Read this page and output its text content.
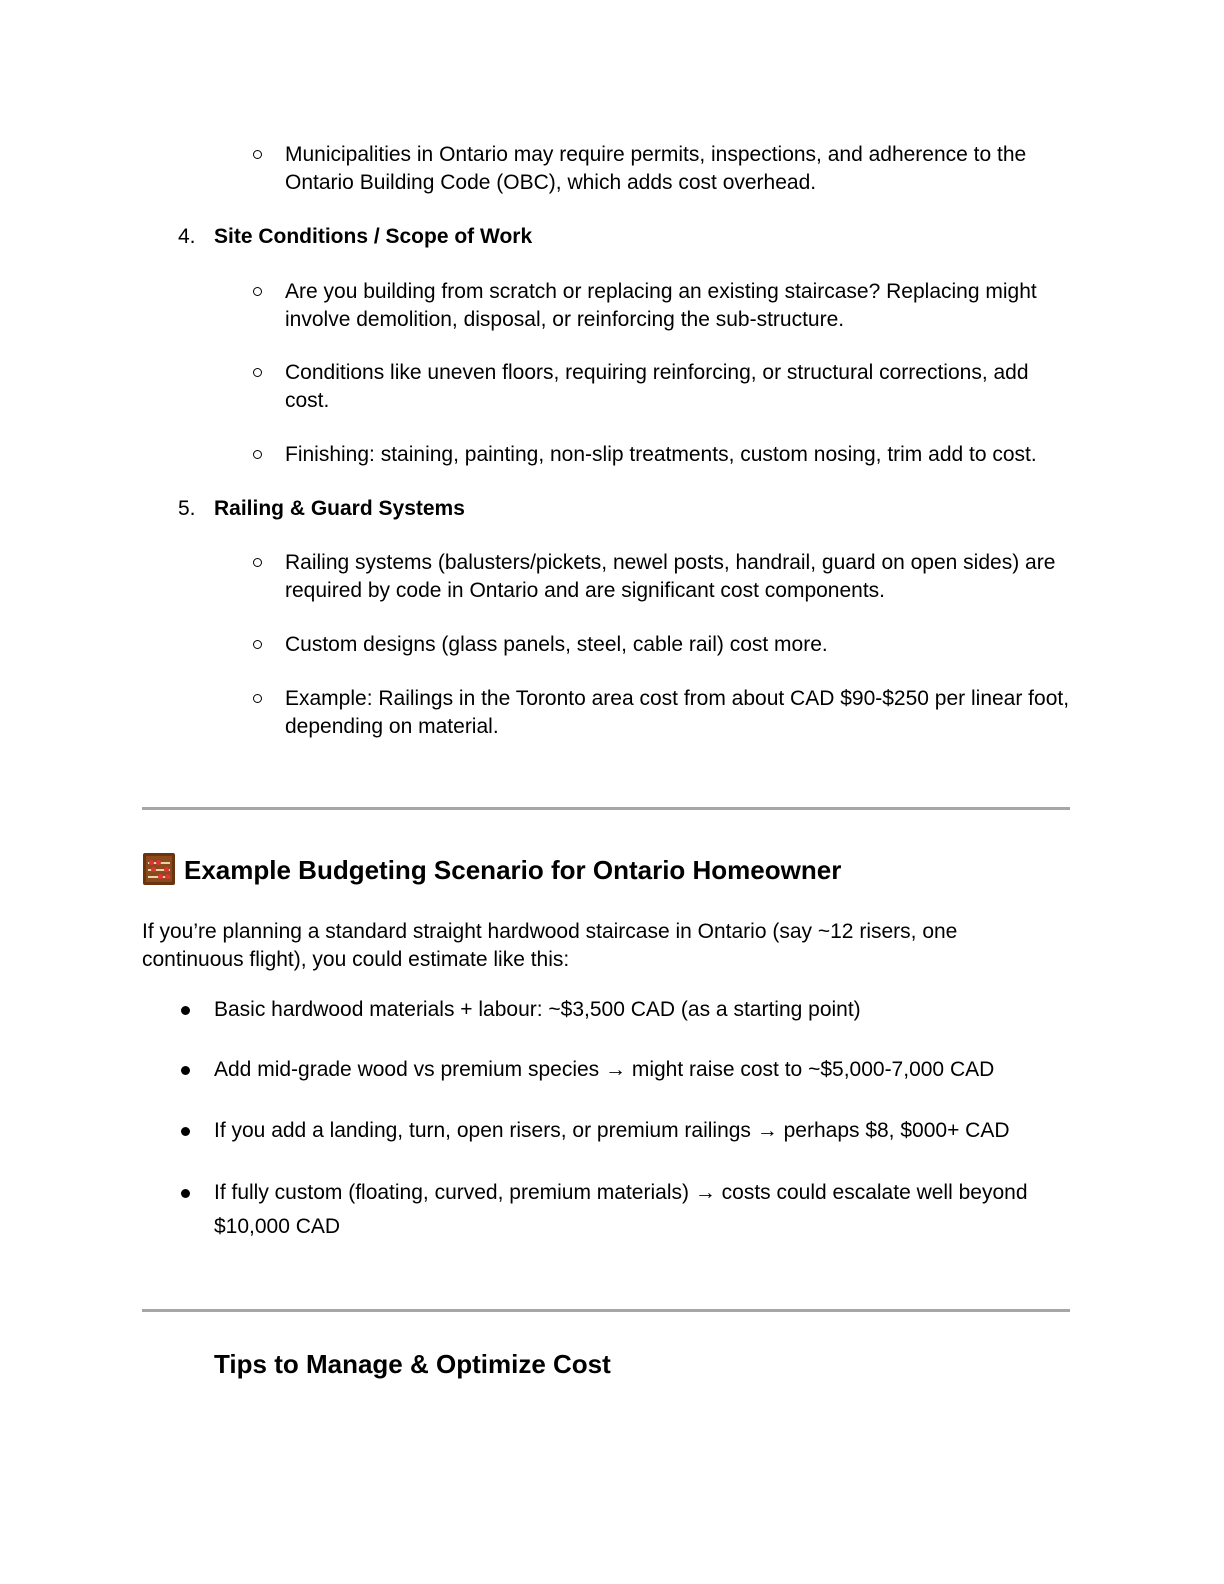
Municipalities in Ontario may require permits, inspections, and adherence to the Ontario Building Code (OBC), which adds cost overhead.
4. Site Conditions / Scope of Work
Are you building from scratch or replacing an existing staircase? Replacing might involve demolition, disposal, or reinforcing the sub-structure.
Conditions like uneven floors, requiring reinforcing, or structural corrections, add cost.
Finishing: staining, painting, non-slip treatments, custom nosing, trim add to cost.
5. Railing & Guard Systems
Railing systems (balusters/pickets, newel posts, handrail, guard on open sides) are required by code in Ontario and are significant cost components.
Custom designs (glass panels, steel, cable rail) cost more.
Example: Railings in the Toronto area cost from about CAD $90-$250 per linear foot, depending on material.
Example Budgeting Scenario for Ontario Homeowner
If you’re planning a standard straight hardwood staircase in Ontario (say ~12 risers, one continuous flight), you could estimate like this:
Basic hardwood materials + labour: ~$3,500 CAD (as a starting point)
Add mid-grade wood vs premium species → might raise cost to ~$5,000-7,000 CAD
If you add a landing, turn, open risers, or premium railings → perhaps $8, $000+ CAD
If fully custom (floating, curved, premium materials) → costs could escalate well beyond $10,000 CAD
Tips to Manage & Optimize Cost
